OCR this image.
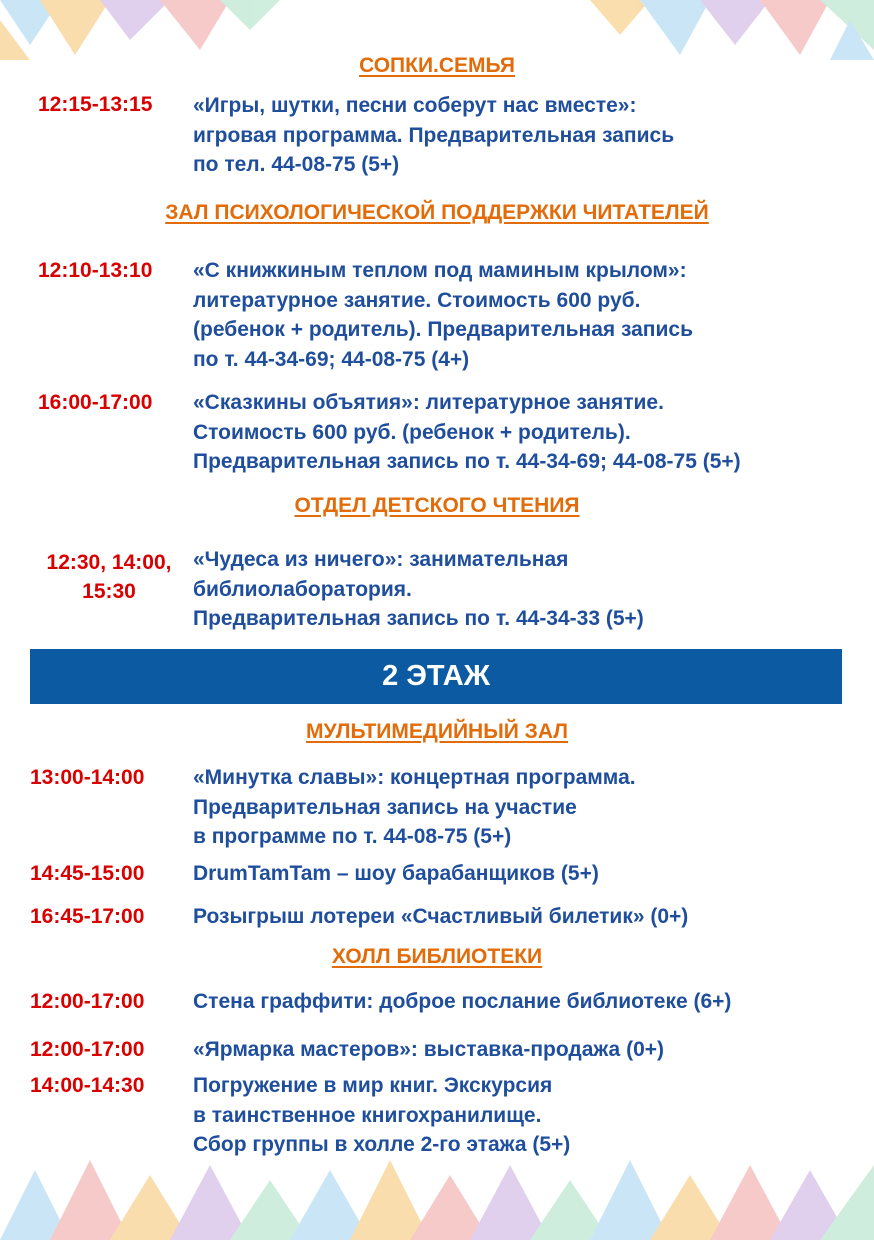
СОПКИ.СЕМЬЯ
12:15-13:15 «Игры, шутки, песни соберут нас вместе»:
игровая программа. Предварительная запись
по тел. 44-08-75 (5+)
ЗАЛ ПСИХОЛОГИЧЕСКОЙ ПОДДЕРЖКИ ЧИТАТЕЛЕЙ
12:10-13:10 «С книжкиным теплом под маминым крылом»:
литературное занятие. Стоимость 600 руб.
(ребенок + родитель). Предварительная запись
по т. 44-34-69; 44-08-75 (4+)
16:00-17:00 «Сказкины объятия»: литературное занятие.
Стоимость 600 руб. (ребенок + родитель).
Предварительная запись по т. 44-34-69; 44-08-75 (5+)
ОТДЕЛ ДЕТСКОГО ЧТЕНИЯ
12:30, 14:00,
15:30
«Чудеса из ничего»: занимательная
библиолаборатория.
Предварительная запись по т. 44-34-33 (5+)
2 ЭТАЖ
МУЛЬТИМЕДИЙНЫЙ ЗАЛ
13:00-14:00 «Минутка славы»: концертная программа.
Предварительная запись на участие
в программе по т. 44-08-75 (5+)
14:45-15:00 DrumTamTam – шоу барабанщиков (5+)
16:45-17:00 Розыгрыш лотереи «Счастливый билетик» (0+)
ХОЛЛ БИБЛИОТЕКИ
12:00-17:00 Стена граффити: доброе послание библиотеке (6+)
12:00-17:00 «Ярмарка мастеров»: выставка-продажа (0+)
14:00-14:30 Погружение в мир книг. Экскурсия
в таинственное книгохранилище.
Сбор группы в холле 2-го этажа (5+)
